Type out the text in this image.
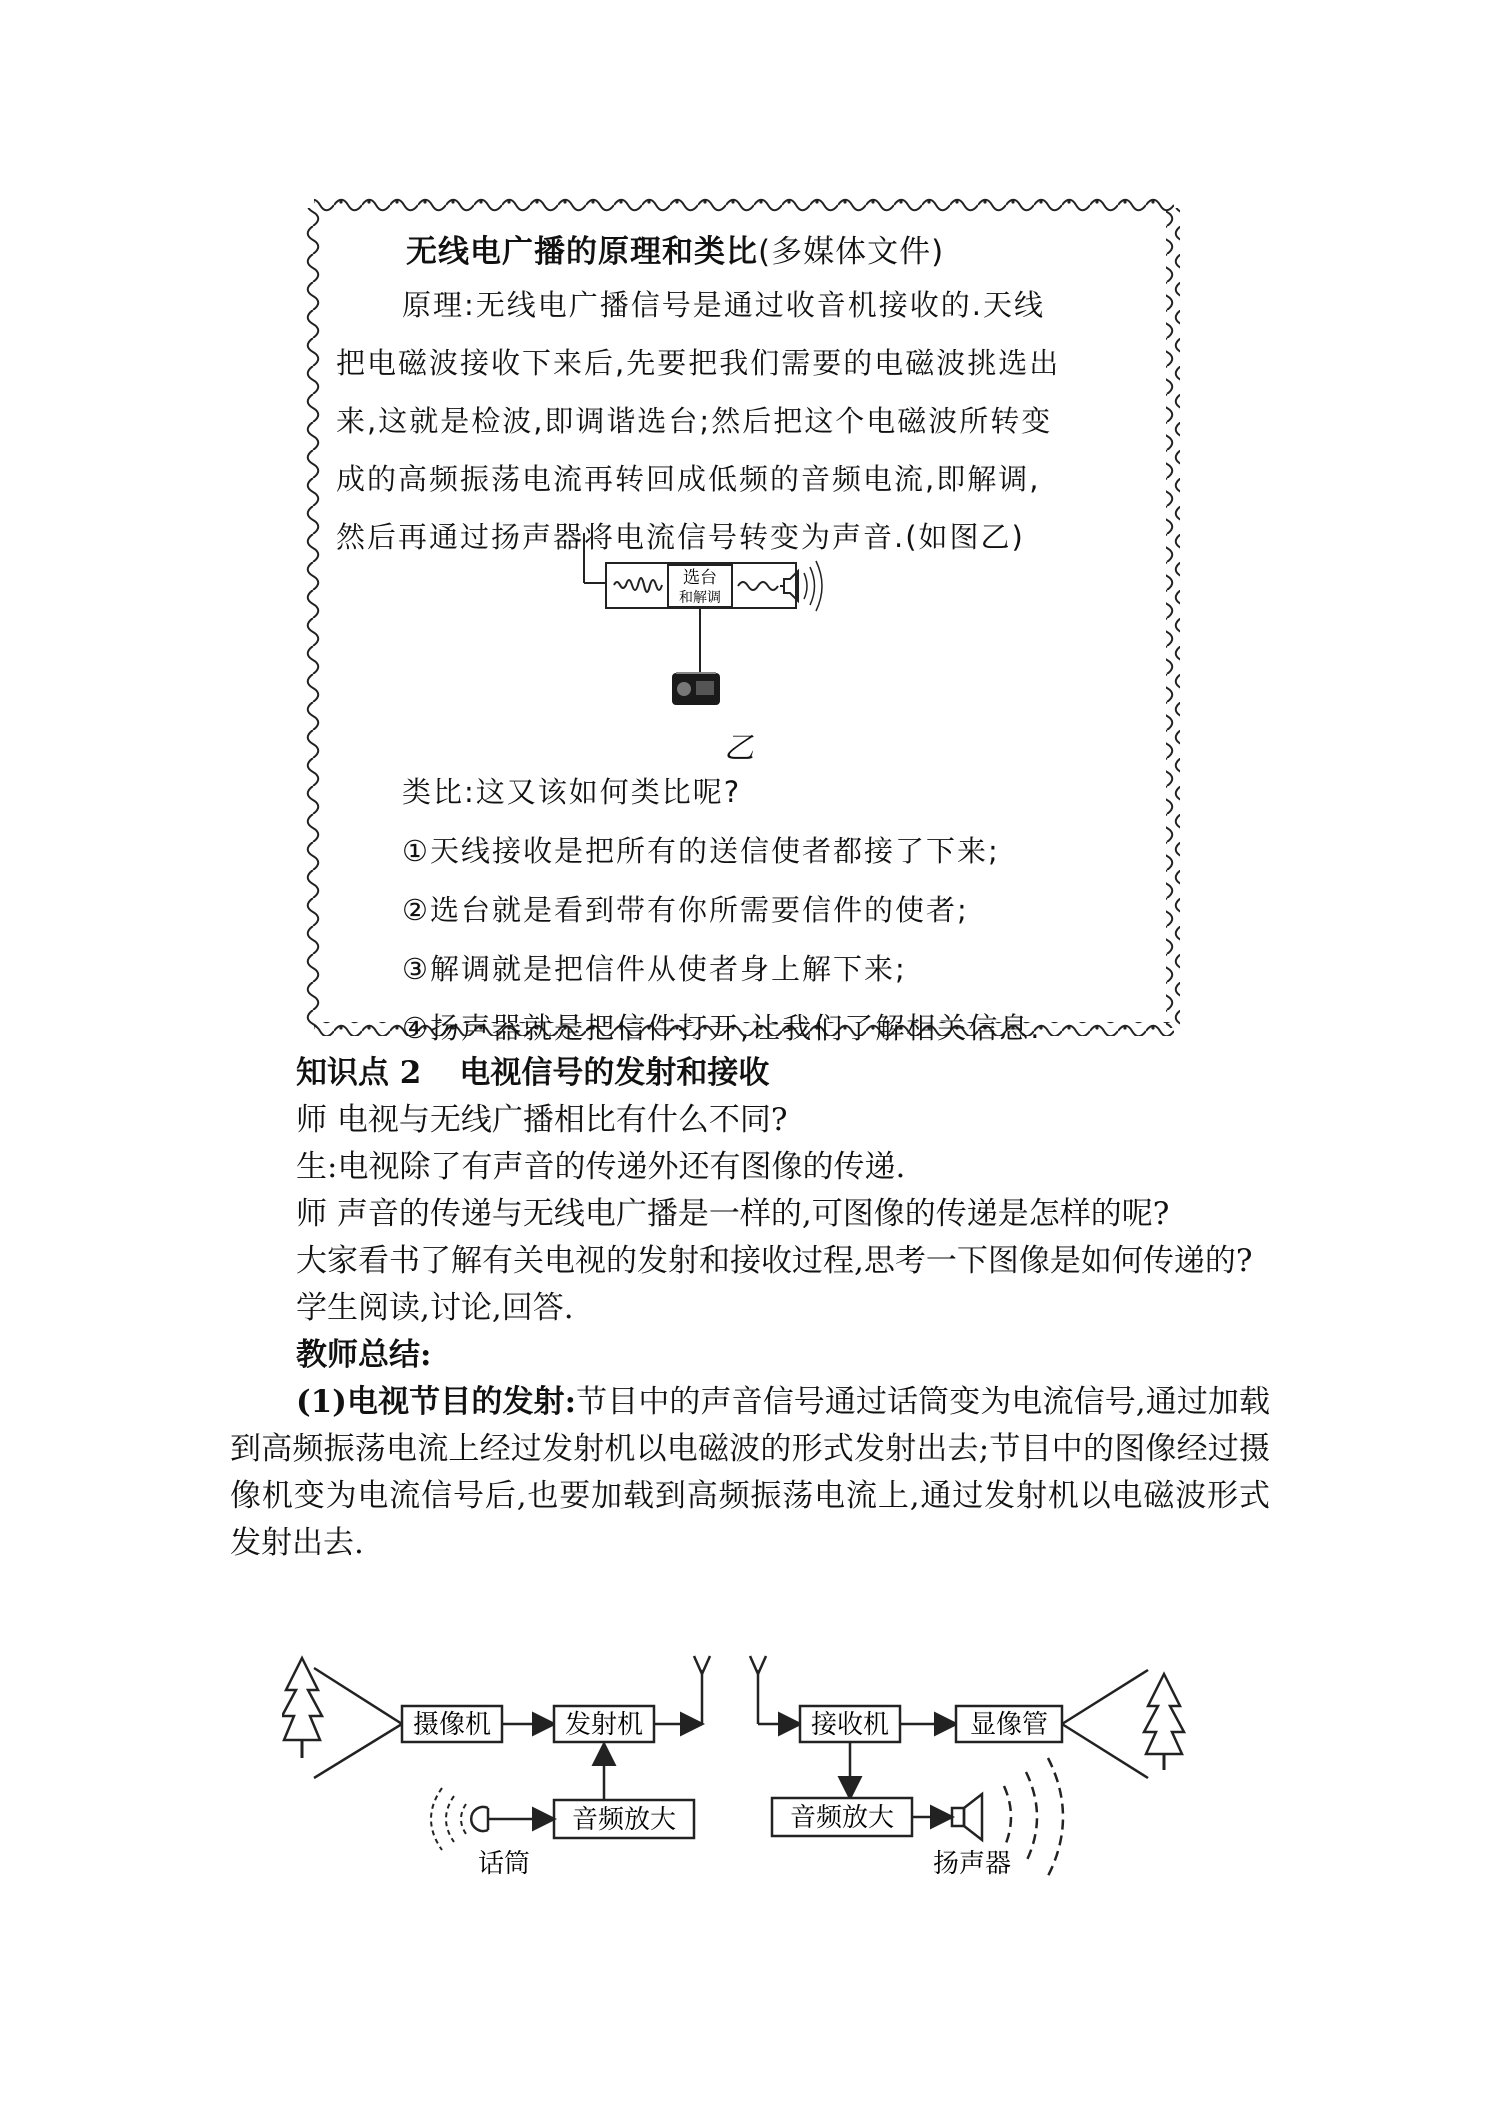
无线电广播的原理和类比(多媒体文件)
原理:无线电广播信号是通过收音机接收的.天线
把电磁波接收下来后,先要把我们需要的电磁波挑选出
来,这就是检波,即调谐选台;然后把这个电磁波所转变
成的高频振荡电流再转回成低频的音频电流,即解调,
然后再通过扬声器将电流信号转变为声音.(如图乙)
选台
和解调
乙
类比:这又该如何类比呢?
①天线接收是把所有的送信使者都接了下来;
②选台就是看到带有你所需要信件的使者;
③解调就是把信件从使者身上解下来;
④扬声器就是把信件打开,让我们了解相关信息.

知识点 2 电视信号的发射和接收

师 电视与无线广播相比有什么不同?

生:电视除了有声音的传递外还有图像的传递.

师 声音的传递与无线电广播是一样的,可图像的传递是怎样的呢?

大家看书了解有关电视的发射和接收过程,思考一下图像是如何传递的?

学生阅读,讨论,回答.

教师总结:

(1)电视节目的发射:节目中的声音信号通过话筒变为电流信号,通过加载到高频振荡电流上经过发射机以电磁波的形式发射出去;节目中的图像经过摄像机变为电流信号后,也要加载到高频振荡电流上,通过发射机以电磁波形式发射出去.

摄像机	发射机
音频放大
话筒
接收机	显像管
音频放大
扬声器
